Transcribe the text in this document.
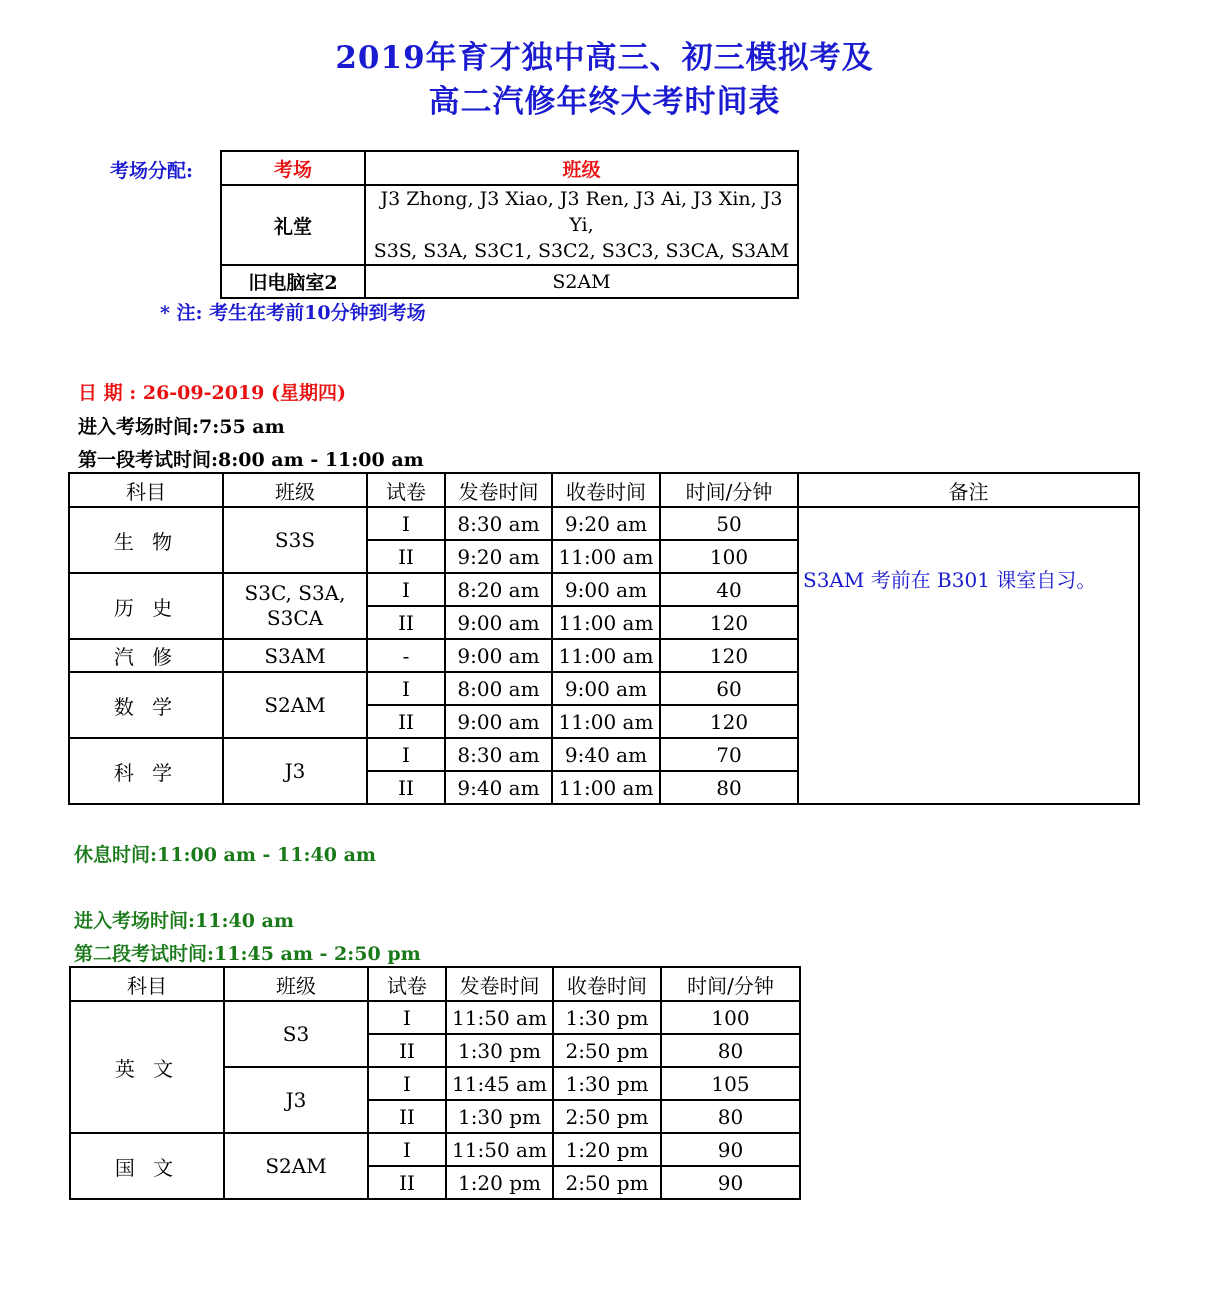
2019年育才独中高三、初三模拟考及
高二汽修年终大考时间表
考场分配:	考场	班级
礼堂	J3 Zhong, J3 Xiao, J3 Ren, J3 Ai, J3 Xin, J3 Yi,
S3S, S3A, S3C1, S3C2, S3C3, S3CA, S3AM

旧电脑室2	S2AM
* 注: 考生在考前10分钟到考场
日 期 : 26-09-2019 (星期四)
进入考场时间:7:55 am
第一段考试时间:8:00 am - 11:00 am
科目	班级	试卷	发卷时间	收卷时间	时间/分钟	备注
生 物	S3S	I	8:30 am	9:20 am	50	S3AM 考前在 B301 课室自习。
		II	9:20 am	11:00 am	100	
历 史	S3C, S3A,
S3CA	I	8:20 am	9:00 am	40	
		II	9:00 am	11:00 am	120	
汽 修	S3AM	-	9:00 am	11:00 am	120	
数 学	S2AM	I	8:00 am	9:00 am	60	
		II	9:00 am	11:00 am	120	
科 学	J3	I	8:30 am	9:40 am	70	
		II	9:40 am	11:00 am	80	
休息时间:11:00 am - 11:40 am
进入考场时间:11:40 am
第二段考试时间:11:45 am - 2:50 pm
科目	班级	试卷	发卷时间	收卷时间	时间/分钟
英 文	S3	I	11:50 am	1:30 pm	100
		II	1:30 pm	2:50 pm	80
	J3	I	11:45 am	1:30 pm	105
		II	1:30 pm	2:50 pm	80
国 文	S2AM	I	11:50 am	1:20 pm	90
		II	1:20 pm	2:50 pm	90
